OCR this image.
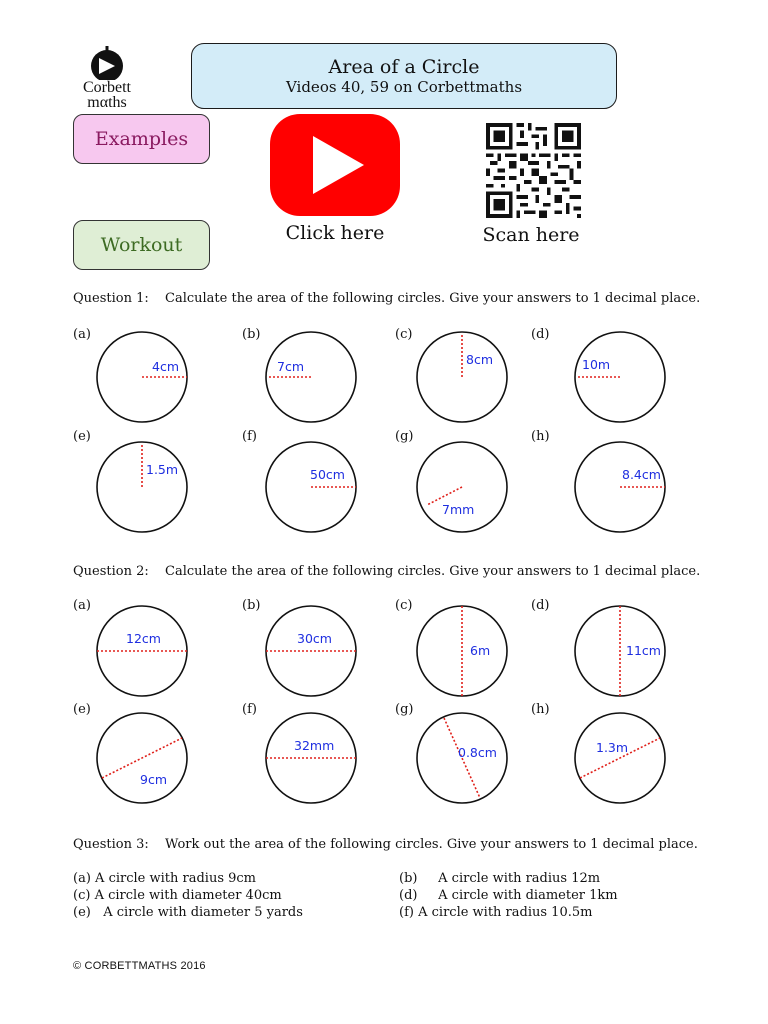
Corbett
mαths
Area of a Circle
Videos 40, 59 on Corbettmaths
Examples
Workout
Click here	Scan here
Question 1: Calculate the area of the following circles. Give your answers to 1 decimal place.
Question 2: Calculate the area of the following circles. Give your answers to 1 decimal place.
Question 3: Work out the area of the following circles. Give your answers to 1 decimal place.
(a)	(b)	(c)	(d)
(e)	(f)	(g)	(h)
(a)	(b)	(c)	(d)
(e)	(f)	(g)	(h)
4cm	7cm	8cm	10m
1.5m	50cm
7mm
8.4cm
12cm	30cm
6m	11cm
9cm
32mm	0.8cm	1.3m
(a) A circle with radius 9cm	(b) A circle with radius 12m
(c) A circle with diameter 40cm	(d) A circle with diameter 1km
(e) A circle with diameter 5 yards	(f) A circle with radius 10.5m
© CORBETTMATHS 2016
